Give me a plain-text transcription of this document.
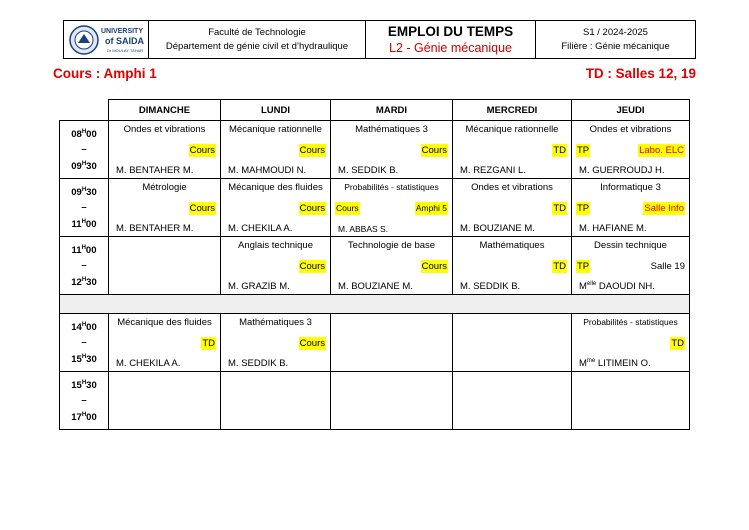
UNIVERSITY
of SAIDA
Dr MOULAY TAHAR
Faculté de Technologie
Département de génie civil et d’hydraulique
EMPLOI DU TEMPS
L2 - Génie mécanique
S1 / 2024-2025
Filière : Génie mécanique
Cours : Amphi 1	TD : Salles 12, 19
	DIMANCHE	LUNDI	MARDI	MERCREDI	JEUDI
$08^H00$
–
$09^H30$	Ondes et vibrations
Cours
M. BENTAHER M.	Mécanique rationnelle
Cours
M. MAHMOUDI N.	Mathématiques 3
Cours
M. SEDDIK B.	Mécanique rationnelle
TD
M. REZGANI L.	Ondes et vibrations
TP Labo. ELC
M. GUERROUDJ H.

$09^H30$
–
$11^H00$	Métrologie
Cours
M. BENTAHER M.	Mécanique des fluides
Cours
M. CHEKILA A.	Probabilités - statistiques
Cours Amphi 5
M. ABBAS S.	Ondes et vibrations
TD
M. BOUZIANE M.	Informatique 3
TP Salle Info
M. HAFIANE M.

$11^H00$
–
$12^H30$		Anglais technique
Cours
M. GRAZIB M.	Technologie de base
Cours
M. BOUZIANE M.	Mathématiques
TD
M. SEDDIK B.	Dessin technique
TP Salle 19
$M^{elle}$ DAOUDI NH.

$14^H00$
–
$15^H30$	Mécanique des fluides
TD
M. CHEKILA A.	Mathématiques 3
Cours
M. SEDDIK B.			Probabilités - statistiques
TD
$M^{me}$ LITIMEIN O.

$15^H30$
–
$17^H00$	
